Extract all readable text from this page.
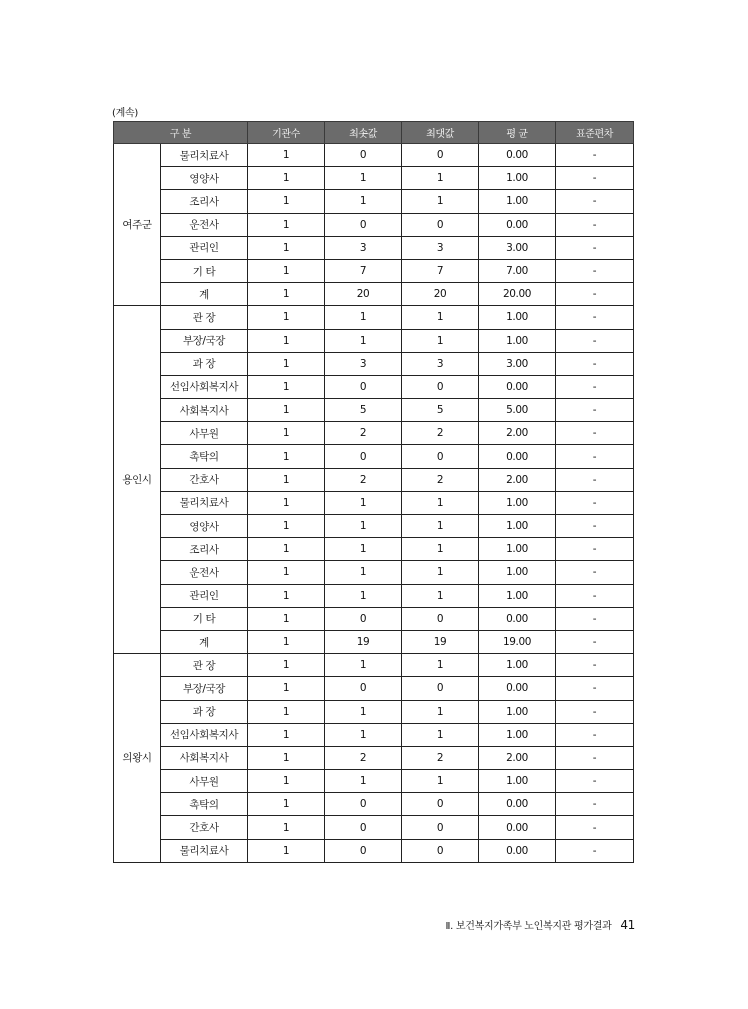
(계속)
구 분		기관수	최솟값	최댓값	평 균	표준편차
여주군	물리치료사	1	0	0	0.00	-
	영양사	1	1	1	1.00	-
	조리사	1	1	1	1.00	-
	운전사	1	0	0	0.00	-
	관리인	1	3	3	3.00	-
	기 타	1	7	7	7.00	-
	계	1	20	20	20.00	-
용인시	관 장	1	1	1	1.00	-
	부장/국장	1	1	1	1.00	-
	과 장	1	3	3	3.00	-
	선임사회복지사	1	0	0	0.00	-
	사회복지사	1	5	5	5.00	-
	사무원	1	2	2	2.00	-
	촉탁의	1	0	0	0.00	-
	간호사	1	2	2	2.00	-
	물리치료사	1	1	1	1.00	-
	영양사	1	1	1	1.00	-
	조리사	1	1	1	1.00	-
	운전사	1	1	1	1.00	-
	관리인	1	1	1	1.00	-
	기 타	1	0	0	0.00	-
	계	1	19	19	19.00	-
의왕시	관 장	1	1	1	1.00	-
	부장/국장	1	0	0	0.00	-
	과 장	1	1	1	1.00	-
	선임사회복지사	1	1	1	1.00	-
	사회복지사	1	2	2	2.00	-
	사무원	1	1	1	1.00	-
	촉탁의	1	0	0	0.00	-
	간호사	1	0	0	0.00	-
	물리치료사	1	0	0	0.00	-
Ⅱ. 보건복지가족부 노인복지관 평가결과 41
